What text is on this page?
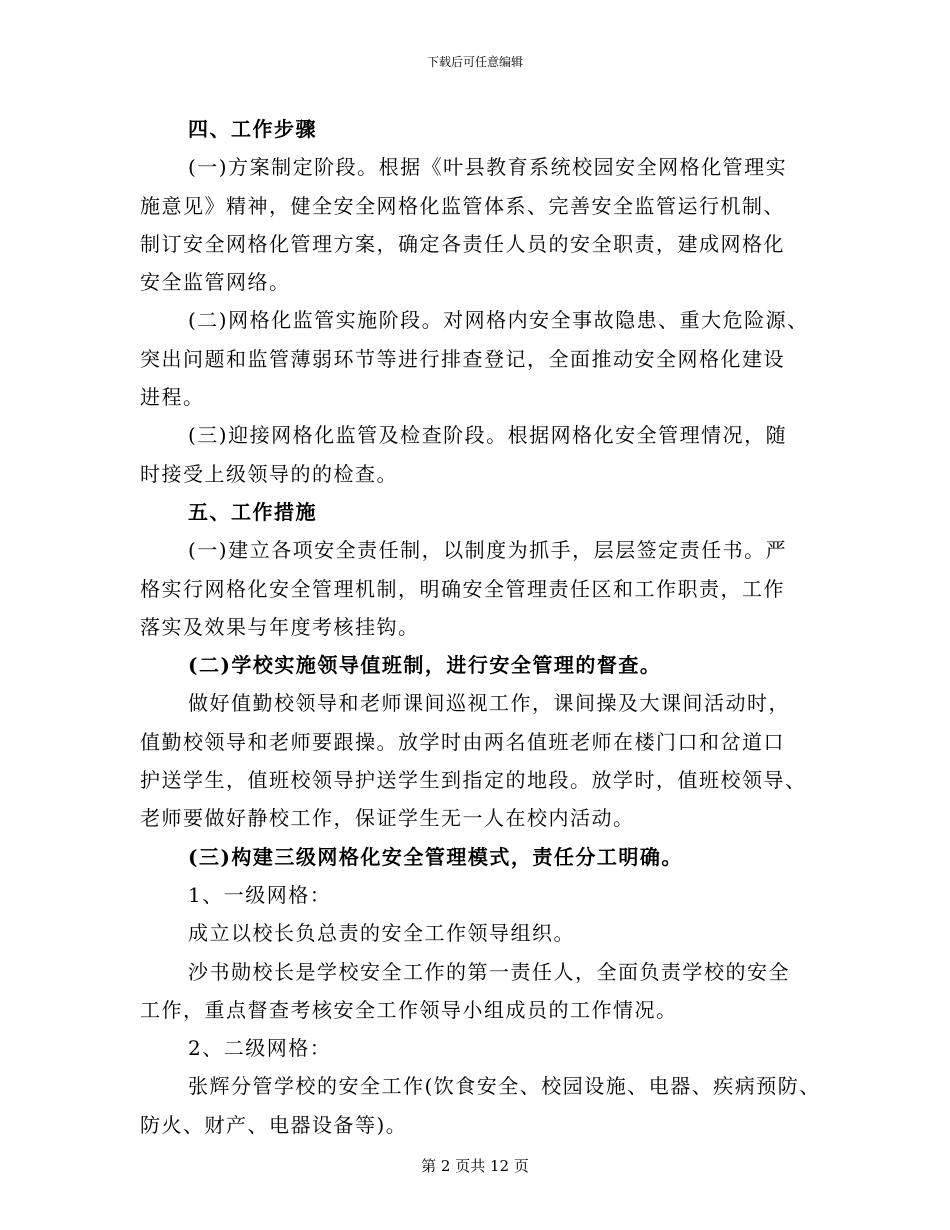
下载后可任意编辑
四、工作步骤
(一)方案制定阶段。根据《叶县教育系统校园安全网格化管理实
施意见》精神，健全安全网格化监管体系、完善安全监管运行机制、
制订安全网格化管理方案，确定各责任人员的安全职责，建成网格化
安全监管网络。
(二)网格化监管实施阶段。对网格内安全事故隐患、重大危险源、
突出问题和监管薄弱环节等进行排查登记，全面推动安全网格化建设
进程。
(三)迎接网格化监管及检查阶段。根据网格化安全管理情况，随
时接受上级领导的的检查。
五、工作措施
(一)建立各项安全责任制，以制度为抓手，层层签定责任书。严
格实行网格化安全管理机制，明确安全管理责任区和工作职责，工作
落实及效果与年度考核挂钩。
(二)学校实施领导值班制，进行安全管理的督查。
做好值勤校领导和老师课间巡视工作，课间操及大课间活动时，
值勤校领导和老师要跟操。放学时由两名值班老师在楼门口和岔道口
护送学生，值班校领导护送学生到指定的地段。放学时，值班校领导、
老师要做好静校工作，保证学生无一人在校内活动。
(三)构建三级网格化安全管理模式，责任分工明确。
1、一级网格：
成立以校长负总责的安全工作领导组织。
沙书勋校长是学校安全工作的第一责任人，全面负责学校的安全
工作，重点督查考核安全工作领导小组成员的工作情况。
2、二级网格：
张辉分管学校的安全工作(饮食安全、校园设施、电器、疾病预防、
防火、财产、电器设备等)。
第 2 页共 12 页
